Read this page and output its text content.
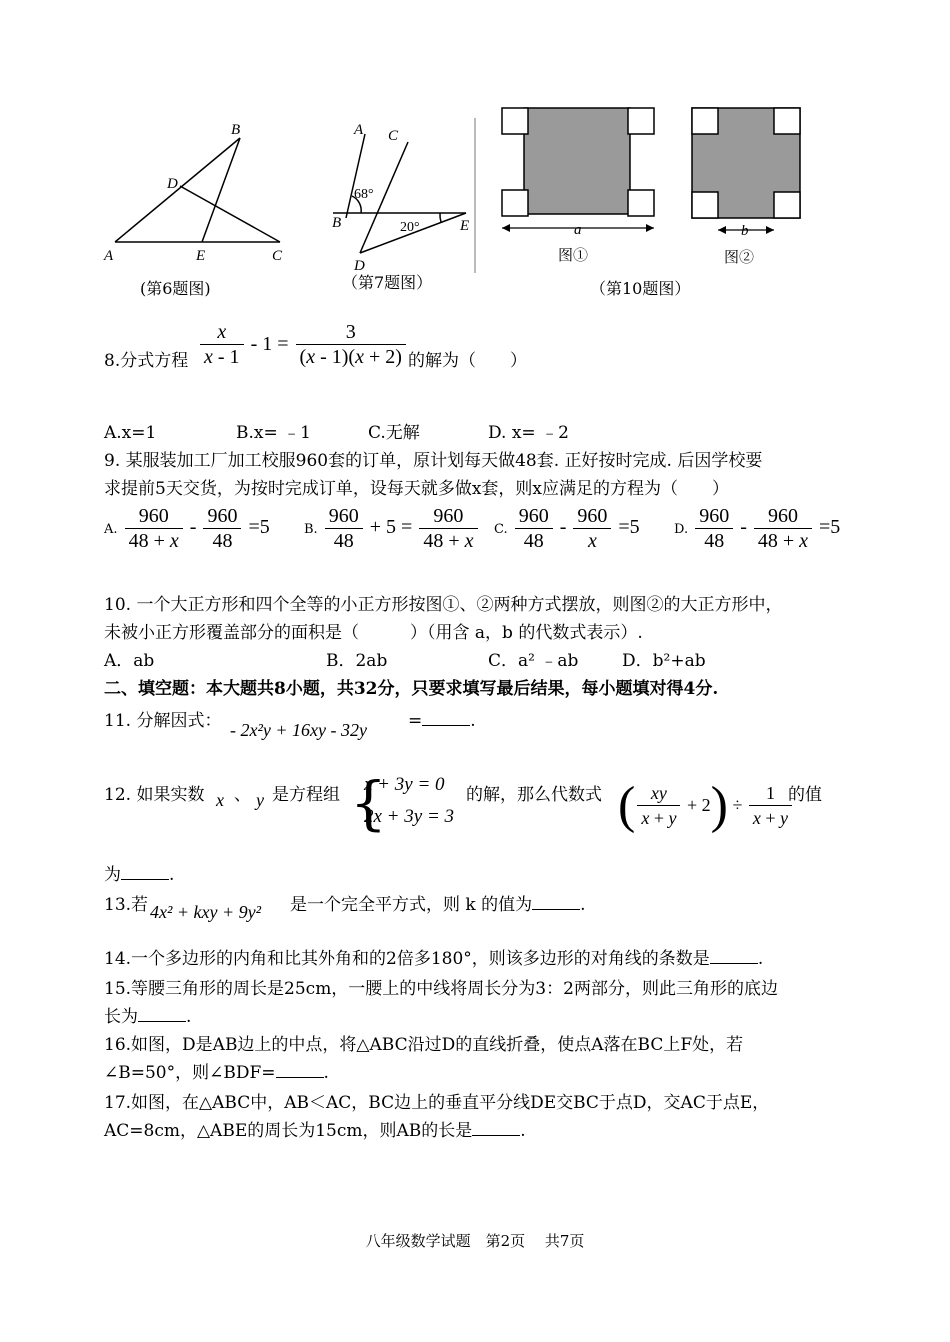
A
B
C
D
E
(第6题图)
A
B
C
D
E
68°
20°
（第7题图）
a
图①
b
图②
（第10题图）
8.分式方程 $\frac{x}{x - 1} - 1 = \frac{3}{(x - 1)(x + 2)}$ 的解为（　　）
A.x=1	B.x= ﹣1	C.无解	D. x= ﹣2
9. 某服装加工厂加工校服960套的订单，原计划每天做48套. 正好按时完成. 后因学校要
求提前5天交货，为按时完成订单，设每天就多做x套，则x应满足的方程为（　　）
A. $\frac{960}{48 + x} - \frac{960}{48} =5$	B. $\frac{960}{48} + 5 = \frac{960}{48 + x} C$. $\frac{960}{48} - \frac{960}{x} =5$	D. $\frac{960}{48} - \frac{960}{48 + x} =5$
10. 一个大正方形和四个全等的小正方形按图①、②两种方式摆放，则图②的大正方形中，
未被小正方形覆盖部分的面积是（　　　）（用含 a，b 的代数式表示）.
A．ab	B．2ab	C．a² ﹣ab	D．b²+ab
二、填空题：本大题共8小题，共32分，只要求填写最后结果，每小题填对得4分.
11. 分解因式： - 2x²y + 16xy - 32y =	.
12. 如果实数 x 、 y 是方程组 {
x + 3y = 0
2x + 3y = 3
的解，那么代数式 ( $\frac{xy}{x + y} + 2) \div \frac{1}{x + y}$
的值
为	.
13.若 4x² + kxy + 9y² 是一个完全平方式，则 k 的值为	.
14.一个多边形的内角和比其外角和的2倍多180°，则该多边形的对角线的条数是	.
15.等腰三角形的周长是25cm，一腰上的中线将周长分为3：2两部分，则此三角形的底边
长为	.
16.如图，D是AB边上的中点，将△ABC沿过D的直线折叠，使点A落在BC上F处，若
∠B=50°，则∠BDF=	.
17.如图，在△ABC中，AB＜AC，BC边上的垂直平分线DE交BC于点D，交AC于点E，
AC=8cm，△ABE的周长为15cm，则AB的长是	.
八年级数学试题　第2页　 共7页
